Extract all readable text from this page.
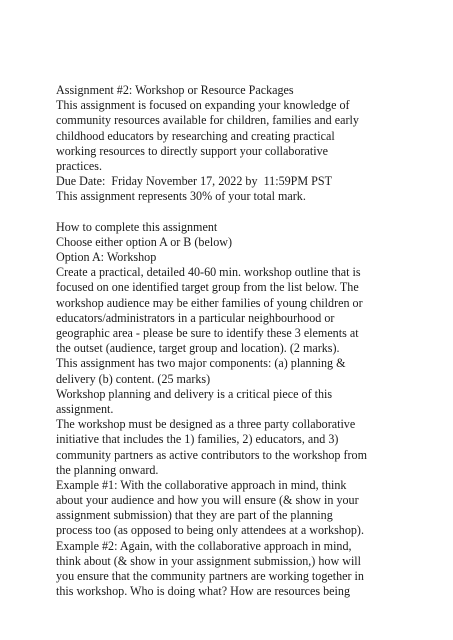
Assignment #2: Workshop or Resource Packages
This assignment is focused on expanding your knowledge of
community resources available for children, families and early
childhood educators by researching and creating practical
working resources to directly support your collaborative
practices.
Due Date:  Friday November 17, 2022 by  11:59PM PST
This assignment represents 30% of your total mark.
How to complete this assignment
Choose either option A or B (below)
Option A: Workshop
Create a practical, detailed 40-60 min. workshop outline that is
focused on one identified target group from the list below. The
workshop audience may be either families of young children or
educators/administrators in a particular neighbourhood or
geographic area - please be sure to identify these 3 elements at
the outset (audience, target group and location). (2 marks).
This assignment has two major components: (a) planning &
delivery (b) content. (25 marks)
Workshop planning and delivery is a critical piece of this
assignment.
The workshop must be designed as a three party collaborative
initiative that includes the 1) families, 2) educators, and 3)
community partners as active contributors to the workshop from
the planning onward.
Example #1: With the collaborative approach in mind, think
about your audience and how you will ensure (& show in your
assignment submission) that they are part of the planning
process too (as opposed to being only attendees at a workshop).
Example #2: Again, with the collaborative approach in mind,
think about (& show in your assignment submission,) how will
you ensure that the community partners are working together in
this workshop. Who is doing what? How are resources being
